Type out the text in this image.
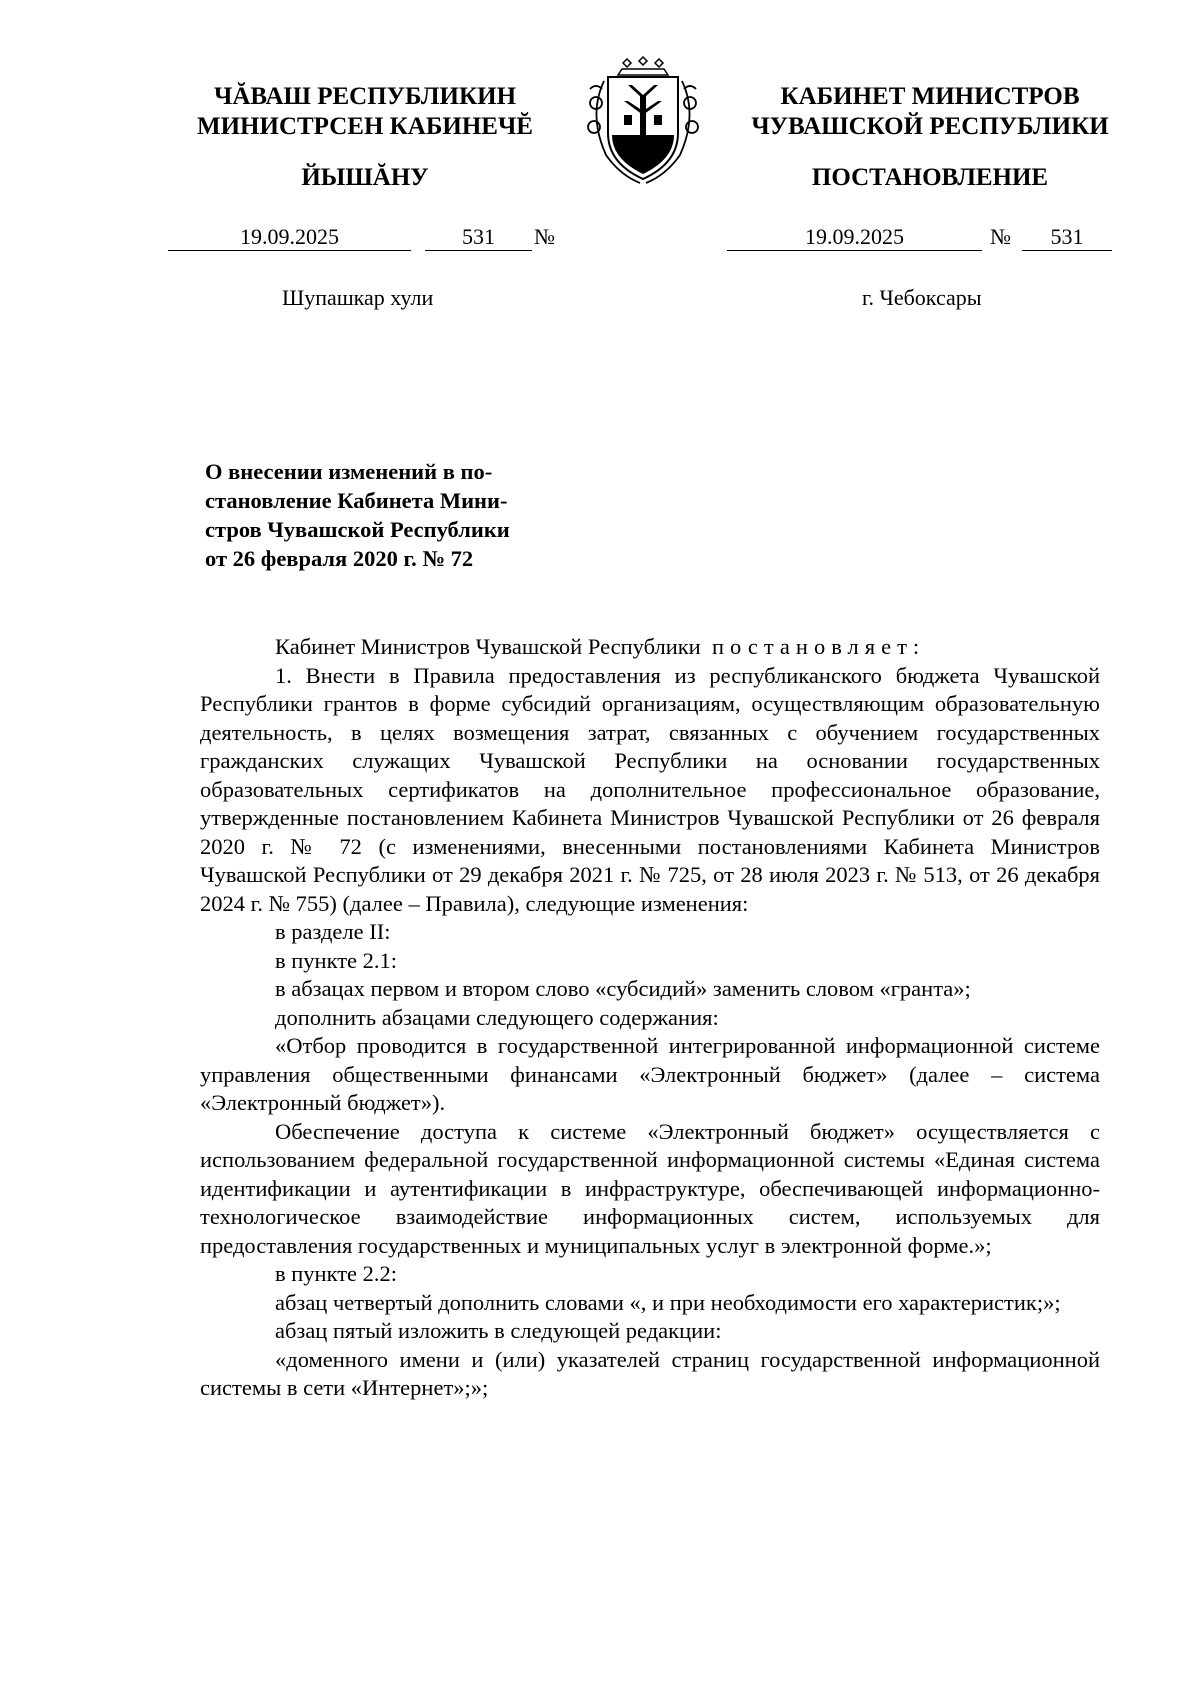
ЧĂВАШ РЕСПУБЛИКИН
МИНИСТРСЕН КАБИНЕЧĔ
ЙЫШĂНУ
КАБИНЕТ МИНИСТРОВ
ЧУВАШСКОЙ РЕСПУБЛИКИ
ПОСТАНОВЛЕНИЕ
19.09.2025	531	№	19.09.2025	№	531
Шупашкар хули	г. Чебоксары
О внесении изменений в по-
становление Кабинета Мини-
стров Чувашской Республики
от 26 февраля 2020 г. № 72

Кабинет Министров Чувашской Республики постановляет:

1. Внести в Правила предоставления из республиканского бюджета Чувашской Республики грантов в форме субсидий организациям, осуществляющим образовательную деятельность, в целях возмещения затрат, связанных с обучением государственных гражданских служащих Чувашской Республики на основании государственных образовательных сертификатов на дополнительное профессиональное образование, утвержденные постановлением Кабинета Министров Чувашской Республики от 26 февраля 2020 г. № 72 (с изменениями, внесенными постановлениями Кабинета Министров Чувашской Республики от 29 декабря 2021 г. № 725, от 28 июля 2023 г. № 513, от 26 декабря 2024 г. № 755) (далее – Правила), следующие изменения:

в разделе II:

в пункте 2.1:

в абзацах первом и втором слово «субсидий» заменить словом «гранта»;

дополнить абзацами следующего содержания:

«Отбор проводится в государственной интегрированной информационной системе управления общественными финансами «Электронный бюджет» (далее – система «Электронный бюджет»).

Обеспечение доступа к системе «Электронный бюджет» осуществляется с использованием федеральной государственной информационной системы «Единая система идентификации и аутентификации в инфраструктуре, обеспечивающей информационно-технологическое взаимодействие информационных систем, используемых для предоставления государственных и муниципальных услуг в электронной форме.»;

в пункте 2.2:

абзац четвертый дополнить словами «, и при необходимости его характеристик;»;

абзац пятый изложить в следующей редакции:

«доменного имени и (или) указателей страниц государственной информационной системы в сети «Интернет»;»;
